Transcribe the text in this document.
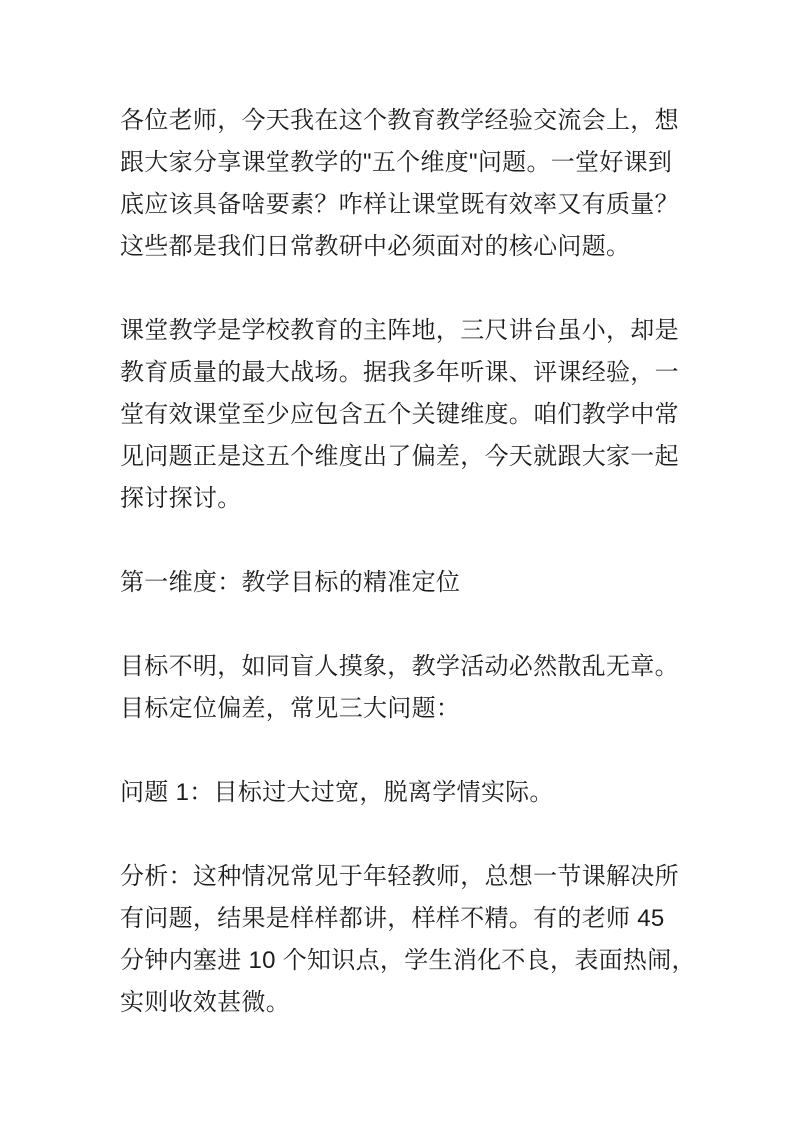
各位老师，今天我在这个教育教学经验交流会上，想
跟大家分享课堂教学的"五个维度"问题。一堂好课到
底应该具备啥要素？咋样让课堂既有效率又有质量？
这些都是我们日常教研中必须面对的核心问题。
课堂教学是学校教育的主阵地，三尺讲台虽小，却是
教育质量的最大战场。据我多年听课、评课经验，一
堂有效课堂至少应包含五个关键维度。咱们教学中常
见问题正是这五个维度出了偏差，今天就跟大家一起
探讨探讨。
第一维度：教学目标的精准定位
目标不明，如同盲人摸象，教学活动必然散乱无章。
目标定位偏差，常见三大问题：
问题 1：目标过大过宽，脱离学情实际。
分析：这种情况常见于年轻教师，总想一节课解决所
有问题，结果是样样都讲，样样不精。有的老师 45
分钟内塞进 10 个知识点，学生消化不良，表面热闹，
实则收效甚微。
